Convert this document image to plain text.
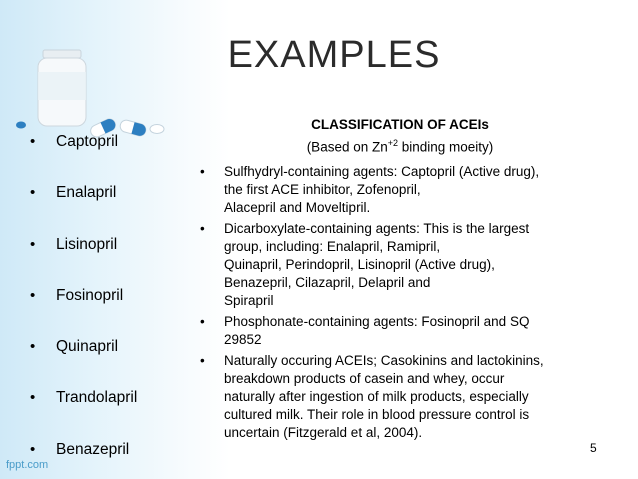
EXAMPLES
•	Captopril
•	Enalapril
•	Lisinopril
•	Fosinopril
•	Quinapril
•	Trandolapril
•	Benazepril
CLASSIFICATION OF ACEIs
(Based on $Zn^{+2}$ binding moeity)
•	Sulfhydryl-containing agents: Captopril (Active drug),
the first ACE inhibitor, Zofenopril,
Alacepril and Moveltipril.
•	Dicarboxylate-containing agents: This is the largest
group, including: Enalapril, Ramipril,
Quinapril, Perindopril, Lisinopril (Active drug),
Benazepril, Cilazapril, Delapril and
Spirapril
•	Phosphonate-containing agents: Fosinopril and SQ
29852
•	Naturally occuring ACEIs; Casokinins and lactokinins,
breakdown products of casein and whey, occur
naturally after ingestion of milk products, especially
cultured milk. Their role in blood pressure control is
uncertain (Fitzgerald et al, 2004).
5
fppt.com
